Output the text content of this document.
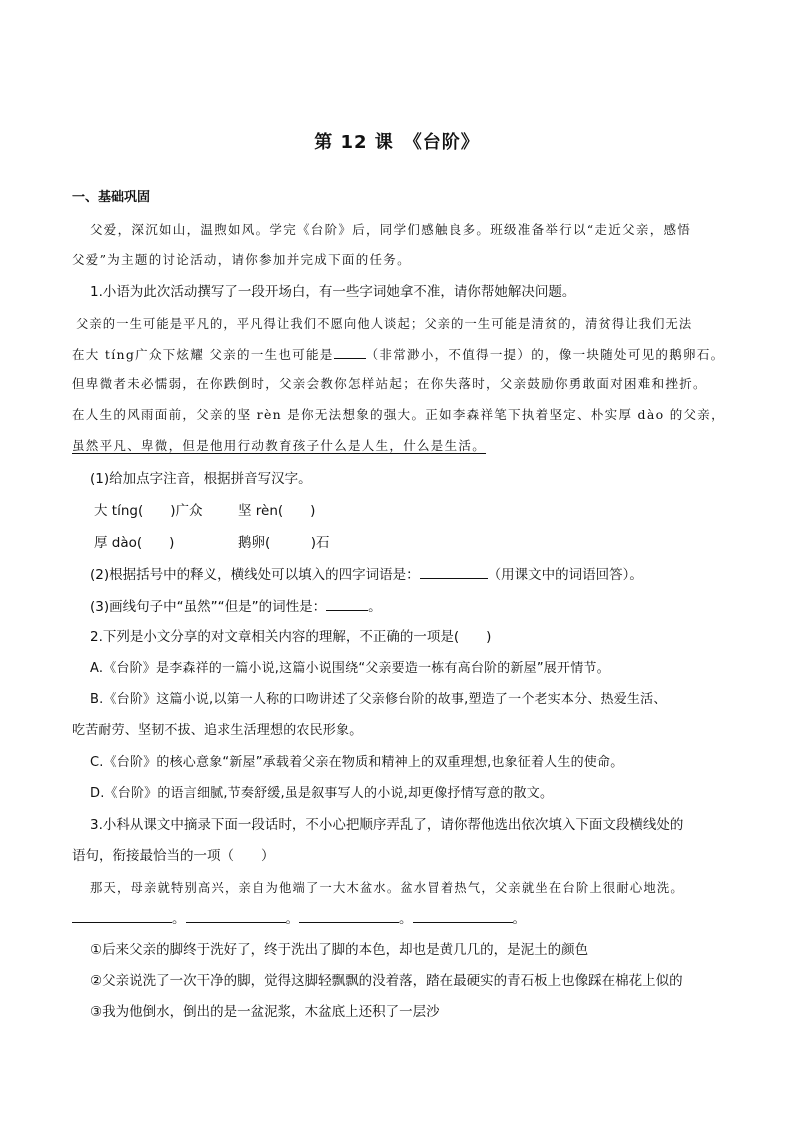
第 12 课　《台阶》
一、基础巩固
父爱，深沉如山，温煦如风。学完《台阶》后，同学们感触良多。班级准备举行以“走近父亲，感悟
父爱”为主题的讨论活动，请你参加并完成下面的任务。
1.小语为此次活动撰写了一段开场白，有一些字词她拿不准，请你帮她解决问题。
父亲的一生可能是平凡的，平凡得让我们不愿向他人谈起；父亲的一生可能是清贫的，清贫得让我们无法
在大 tíng广众下炫耀 父亲的一生也可能是	（非常渺小，不值得一提）的，像一块随处可见的鹅卵石。
但卑微者未必懦弱，在你跌倒时，父亲会教你怎样站起；在你失落时，父亲鼓励你勇敢面对困难和挫折。
在人生的风雨面前，父亲的坚 rèn 是你无法想象的强大。正如李森祥笔下执着坚定、朴实厚 dào 的父亲，
虽然平凡、卑微，但是他用行动教育孩子什么是人生，什么是生活。
(1)给加点字注音，根据拼音写汉字。
大 tíng(　　)广众	坚 rèn(　　)
厚 dào(　　)	鹅卵(　　　)石
(2)根据括号中的释义，横线处可以填入的四字词语是：	（用课文中的词语回答）。
(3)画线句子中“虽然”“但是”的词性是：	。
2.下列是小文分享的对文章相关内容的理解，不正确的一项是(　　)
A.《台阶》是李森祥的一篇小说,这篇小说围绕“父亲要造一栋有高台阶的新屋”展开情节。
B.《台阶》这篇小说,以第一人称的口吻讲述了父亲修台阶的故事,塑造了一个老实本分、热爱生活、
吃苦耐劳、坚韧不拔、追求生活理想的农民形象。
C.《台阶》的核心意象“新屋”承载着父亲在物质和精神上的双重理想,也象征着人生的使命。
D.《台阶》的语言细腻,节奏舒缓,虽是叙事写人的小说,却更像抒情写意的散文。
3.小科从课文中摘录下面一段话时，不小心把顺序弄乱了，请你帮他选出依次填入下面文段横线处的
语句，衔接最恰当的一项（　　）
那天，母亲就特别高兴，亲自为他端了一大木盆水。盆水冒着热气，父亲就坐在台阶上很耐心地洗。
。	。	。	。
①后来父亲的脚终于洗好了，终于洗出了脚的本色，却也是黄几几的，是泥土的颜色
②父亲说洗了一次干净的脚，觉得这脚轻飘飘的没着落，踏在最硬实的青石板上也像踩在棉花上似的
③我为他倒水，倒出的是一盆泥浆，木盆底上还积了一层沙
